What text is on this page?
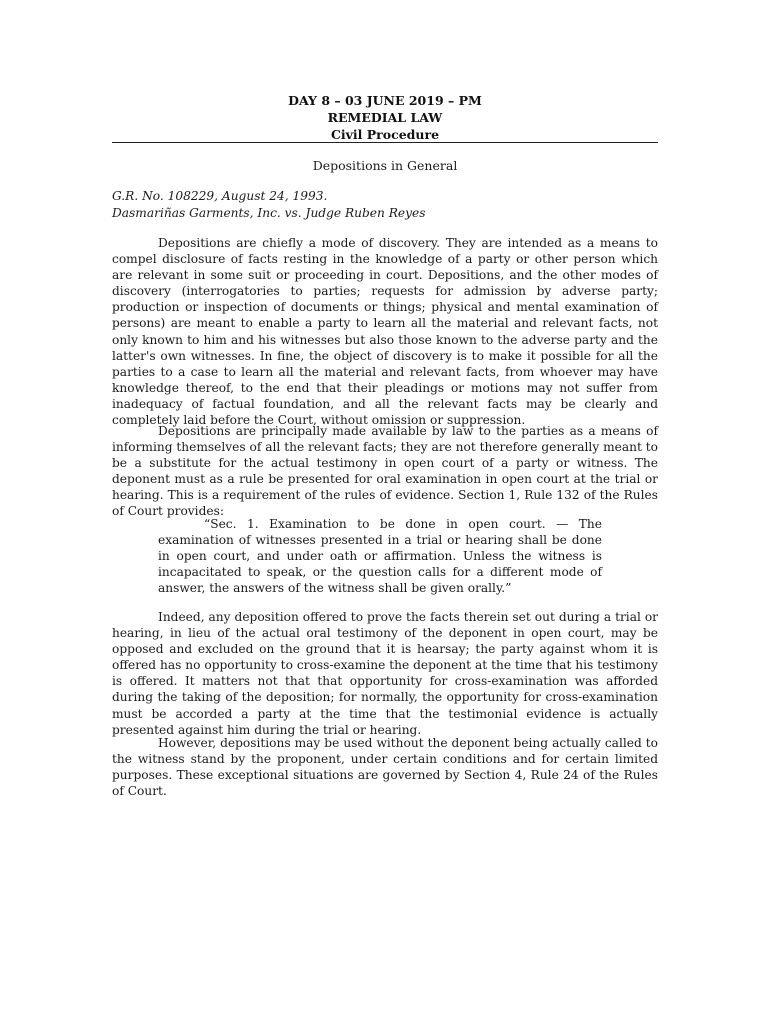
DAY 8 – 03 JUNE 2019 – PM
REMEDIAL LAW
Civil Procedure
Depositions in General
G.R. No. 108229, August 24, 1993.
Dasmariñas Garments, Inc. vs. Judge Ruben Reyes

Depositions are chiefly a mode of discovery. They are intended as a means to compel disclosure of facts resting in the knowledge of a party or other person which are relevant in some suit or proceeding in court. Depositions, and the other modes of discovery (interrogatories to parties; requests for admission by adverse party; production or inspection of documents or things; physical and mental examination of persons) are meant to enable a party to learn all the material and relevant facts, not only known to him and his witnesses but also those known to the adverse party and the latter's own witnesses. In fine, the object of discovery is to make it possible for all the parties to a case to learn all the material and relevant facts, from whoever may have knowledge thereof, to the end that their pleadings or motions may not suffer from inadequacy of factual foundation, and all the relevant facts may be clearly and completely laid before the Court, without omission or suppression.

Depositions are principally made available by law to the parties as a means of informing themselves of all the relevant facts; they are not therefore generally meant to be a substitute for the actual testimony in open court of a party or witness. The deponent must as a rule be presented for oral examination in open court at the trial or hearing. This is a requirement of the rules of evidence. Section 1, Rule 132 of the Rules of Court provides:

“Sec. 1. Examination to be done in open court. — The examination of witnesses presented in a trial or hearing shall be done in open court, and under oath or affirmation. Unless the witness is incapacitated to speak, or the question calls for a different mode of answer, the answers of the witness shall be given orally.”

Indeed, any deposition offered to prove the facts therein set out during a trial or hearing, in lieu of the actual oral testimony of the deponent in open court, may be opposed and excluded on the ground that it is hearsay; the party against whom it is offered has no opportunity to cross-examine the deponent at the time that his testimony is offered. It matters not that that opportunity for cross-examination was afforded during the taking of the deposition; for normally, the opportunity for cross-examination must be accorded a party at the time that the testimonial evidence is actually presented against him during the trial or hearing.

However, depositions may be used without the deponent being actually called to the witness stand by the proponent, under certain conditions and for certain limited purposes. These exceptional situations are governed by Section 4, Rule 24 of the Rules of Court.
